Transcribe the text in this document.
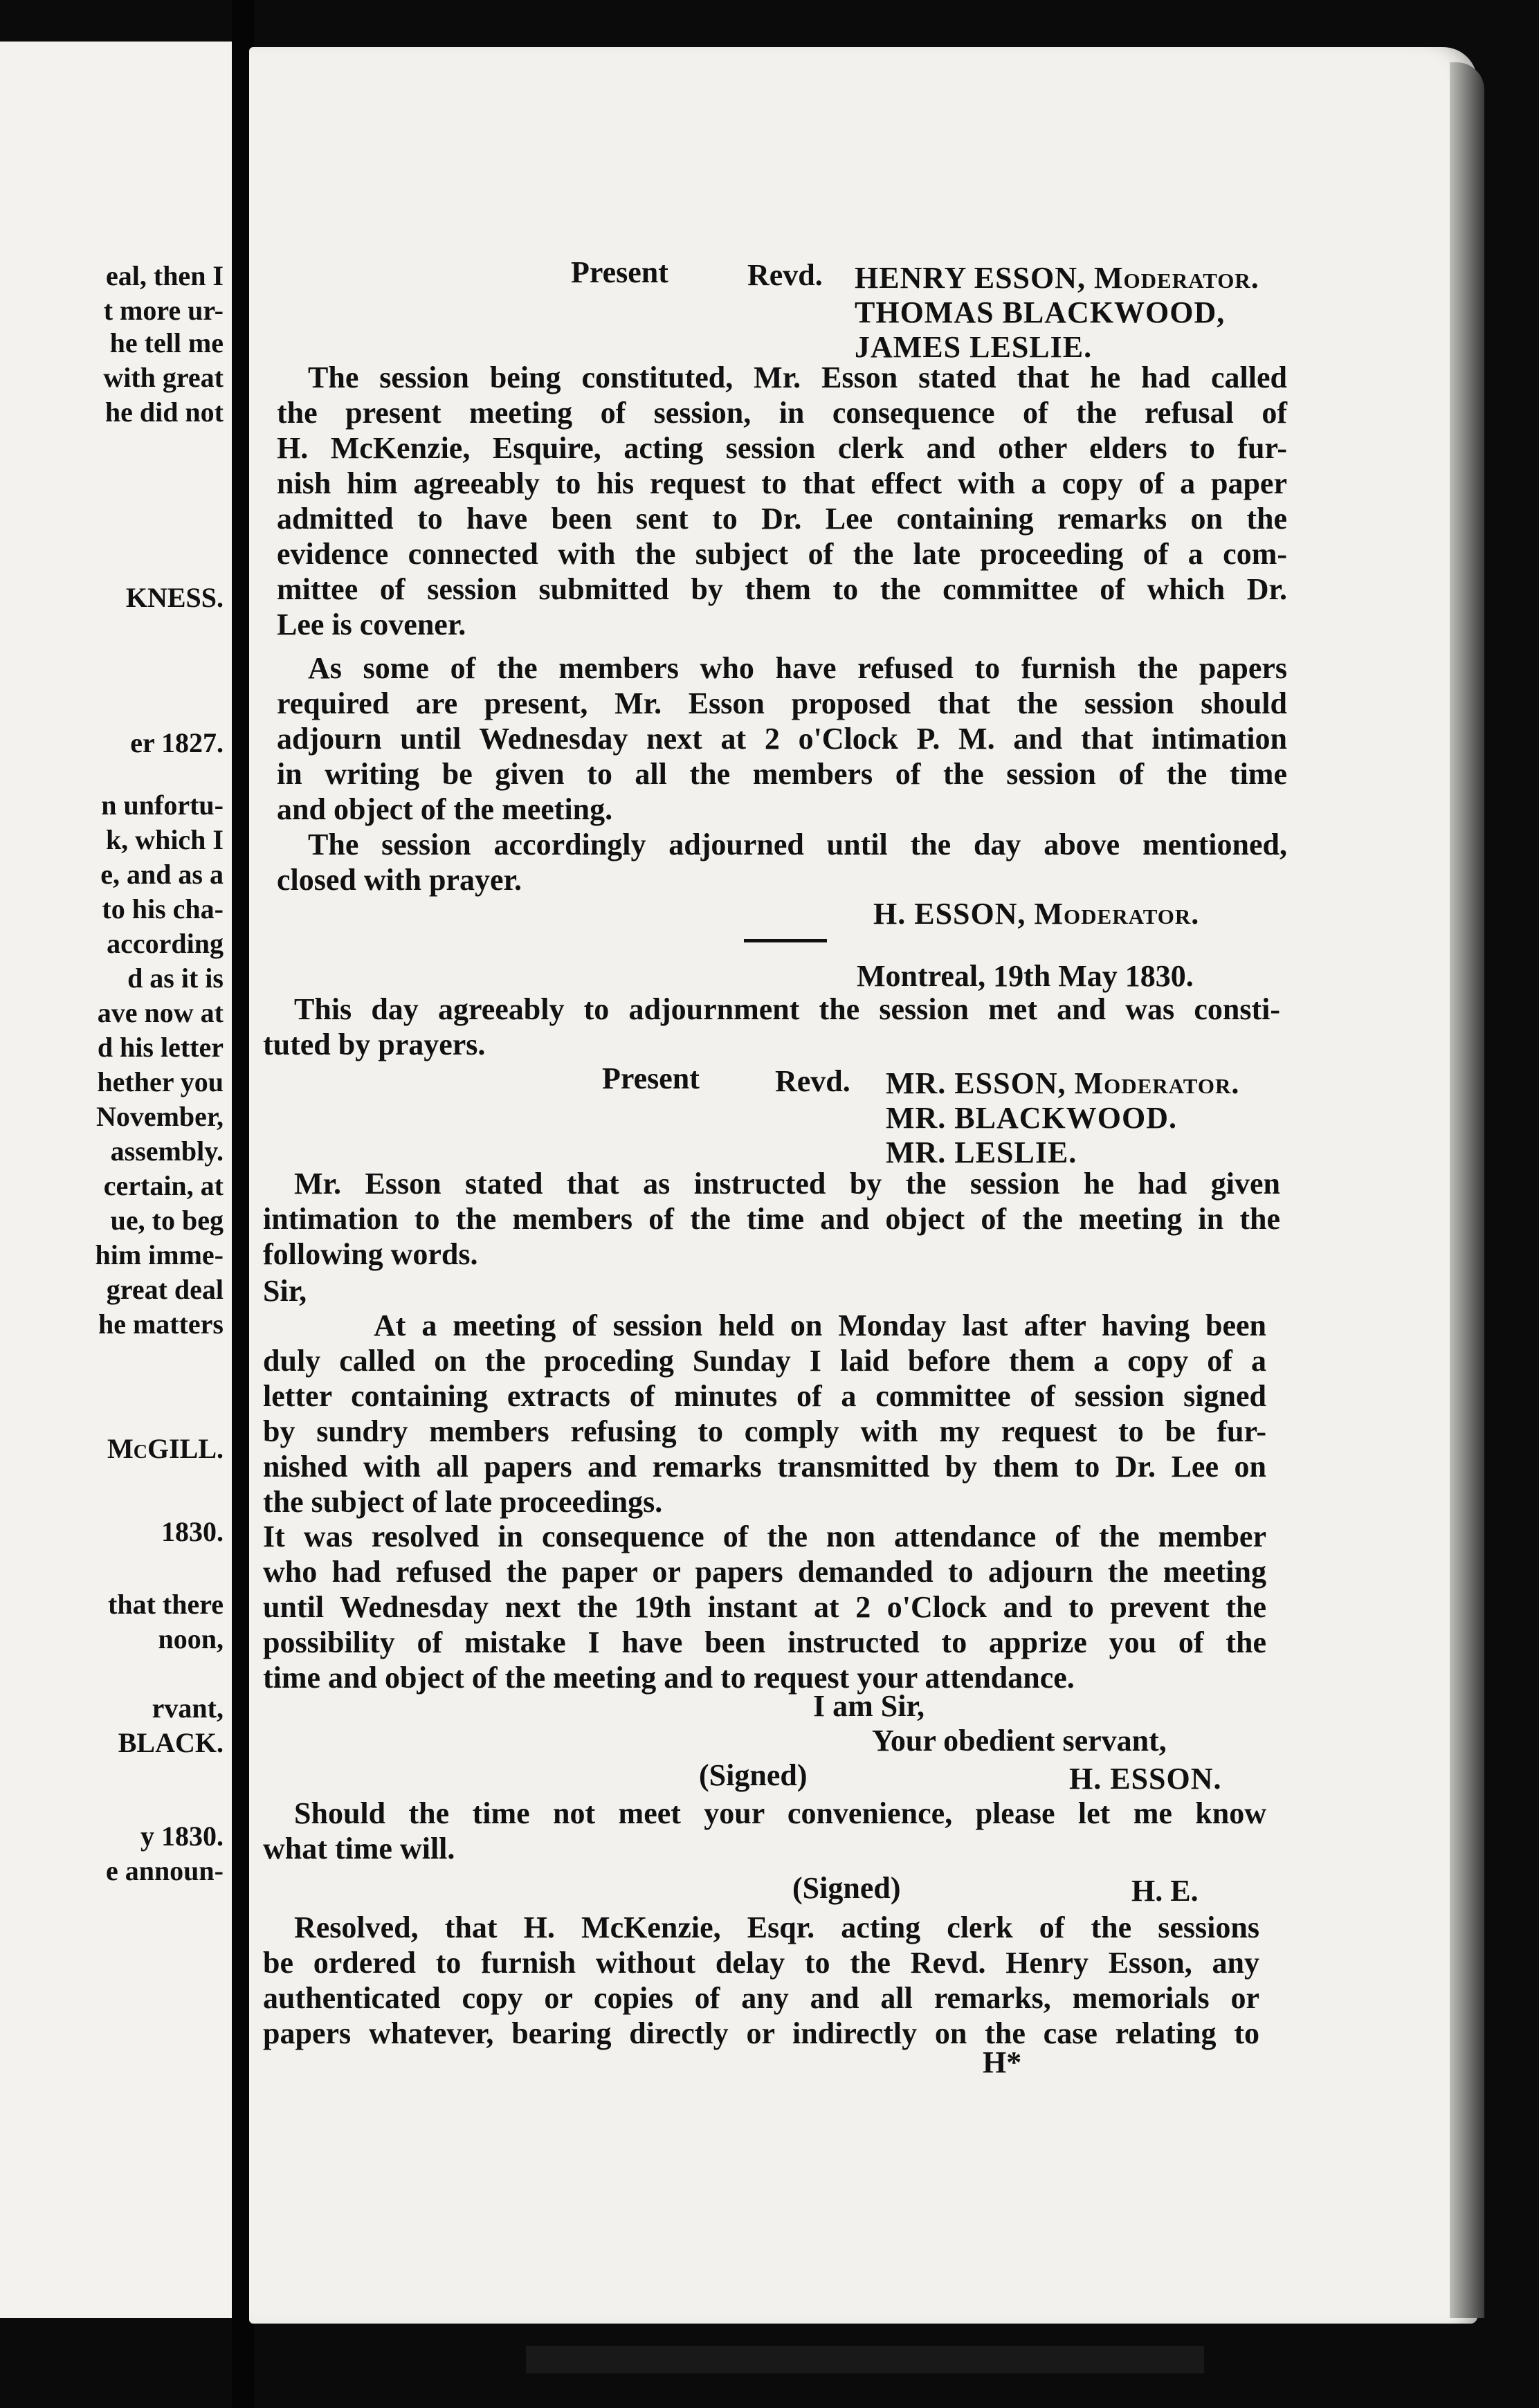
eal, then I
t more ur-
he tell me
with great
he did not
KNESS.
er 1827.
n unfortu-
k, which I
e, and as a
to his cha-
according
d as it is
ave now at
d his letter
hether you
November,
assembly.
certain, at
ue, to beg
him imme-
great deal
he matters
McGILL.
1830.
that there
noon,
rvant,
BLACK.
y 1830.
e announ-
Present	Revd. HENRY ESSON, Moderator.
THOMAS BLACKWOOD,
JAMES LESLIE.
The session being constituted, Mr. Esson stated that he had called
the present meeting of session, in consequence of the refusal of
H. McKenzie, Esquire, acting session clerk and other elders to fur-
nish him agreeably to his request to that effect with a copy of a paper
admitted to have been sent to Dr. Lee containing remarks on the
evidence connected with the subject of the late proceeding of a com-
mittee of session submitted by them to the committee of which Dr.
Lee is covener.
As some of the members who have refused to furnish the papers
required are present, Mr. Esson proposed that the session should
adjourn until Wednesday next at 2 o'Clock P. M. and that intimation
in writing be given to all the members of the session of the time
and object of the meeting.
The session accordingly adjourned until the day above mentioned,
closed with prayer.
H. ESSON, Moderator.
Montreal, 19th May 1830.
This day agreeably to adjournment the session met and was consti-
tuted by prayers.
Present Revd. MR. ESSON, Moderator.
MR. BLACKWOOD.
MR. LESLIE.
Mr. Esson stated that as instructed by the session he had given
intimation to the members of the time and object of the meeting in the
following words.
Sir,
At a meeting of session held on Monday last after having been
duly called on the proceding Sunday I laid before them a copy of a
letter containing extracts of minutes of a committee of session signed
by sundry members refusing to comply with my request to be fur-
nished with all papers and remarks transmitted by them to Dr. Lee on
the subject of late proceedings.
It was resolved in consequence of the non attendance of the member
who had refused the paper or papers demanded to adjourn the meeting
until Wednesday next the 19th instant at 2 o'Clock and to prevent the
possibility of mistake I have been instructed to apprize you of the
time and object of the meeting and to request your attendance.
I am Sir,
Your obedient servant,
(Signed)	H. ESSON.
Should the time not meet your convenience, please let me know
what time will.
(Signed)	H. E.
Resolved, that H. McKenzie, Esqr. acting clerk of the sessions
be ordered to furnish without delay to the Revd. Henry Esson, any
authenticated copy or copies of any and all remarks, memorials or
papers whatever, bearing directly or indirectly on the case relating to
H*
